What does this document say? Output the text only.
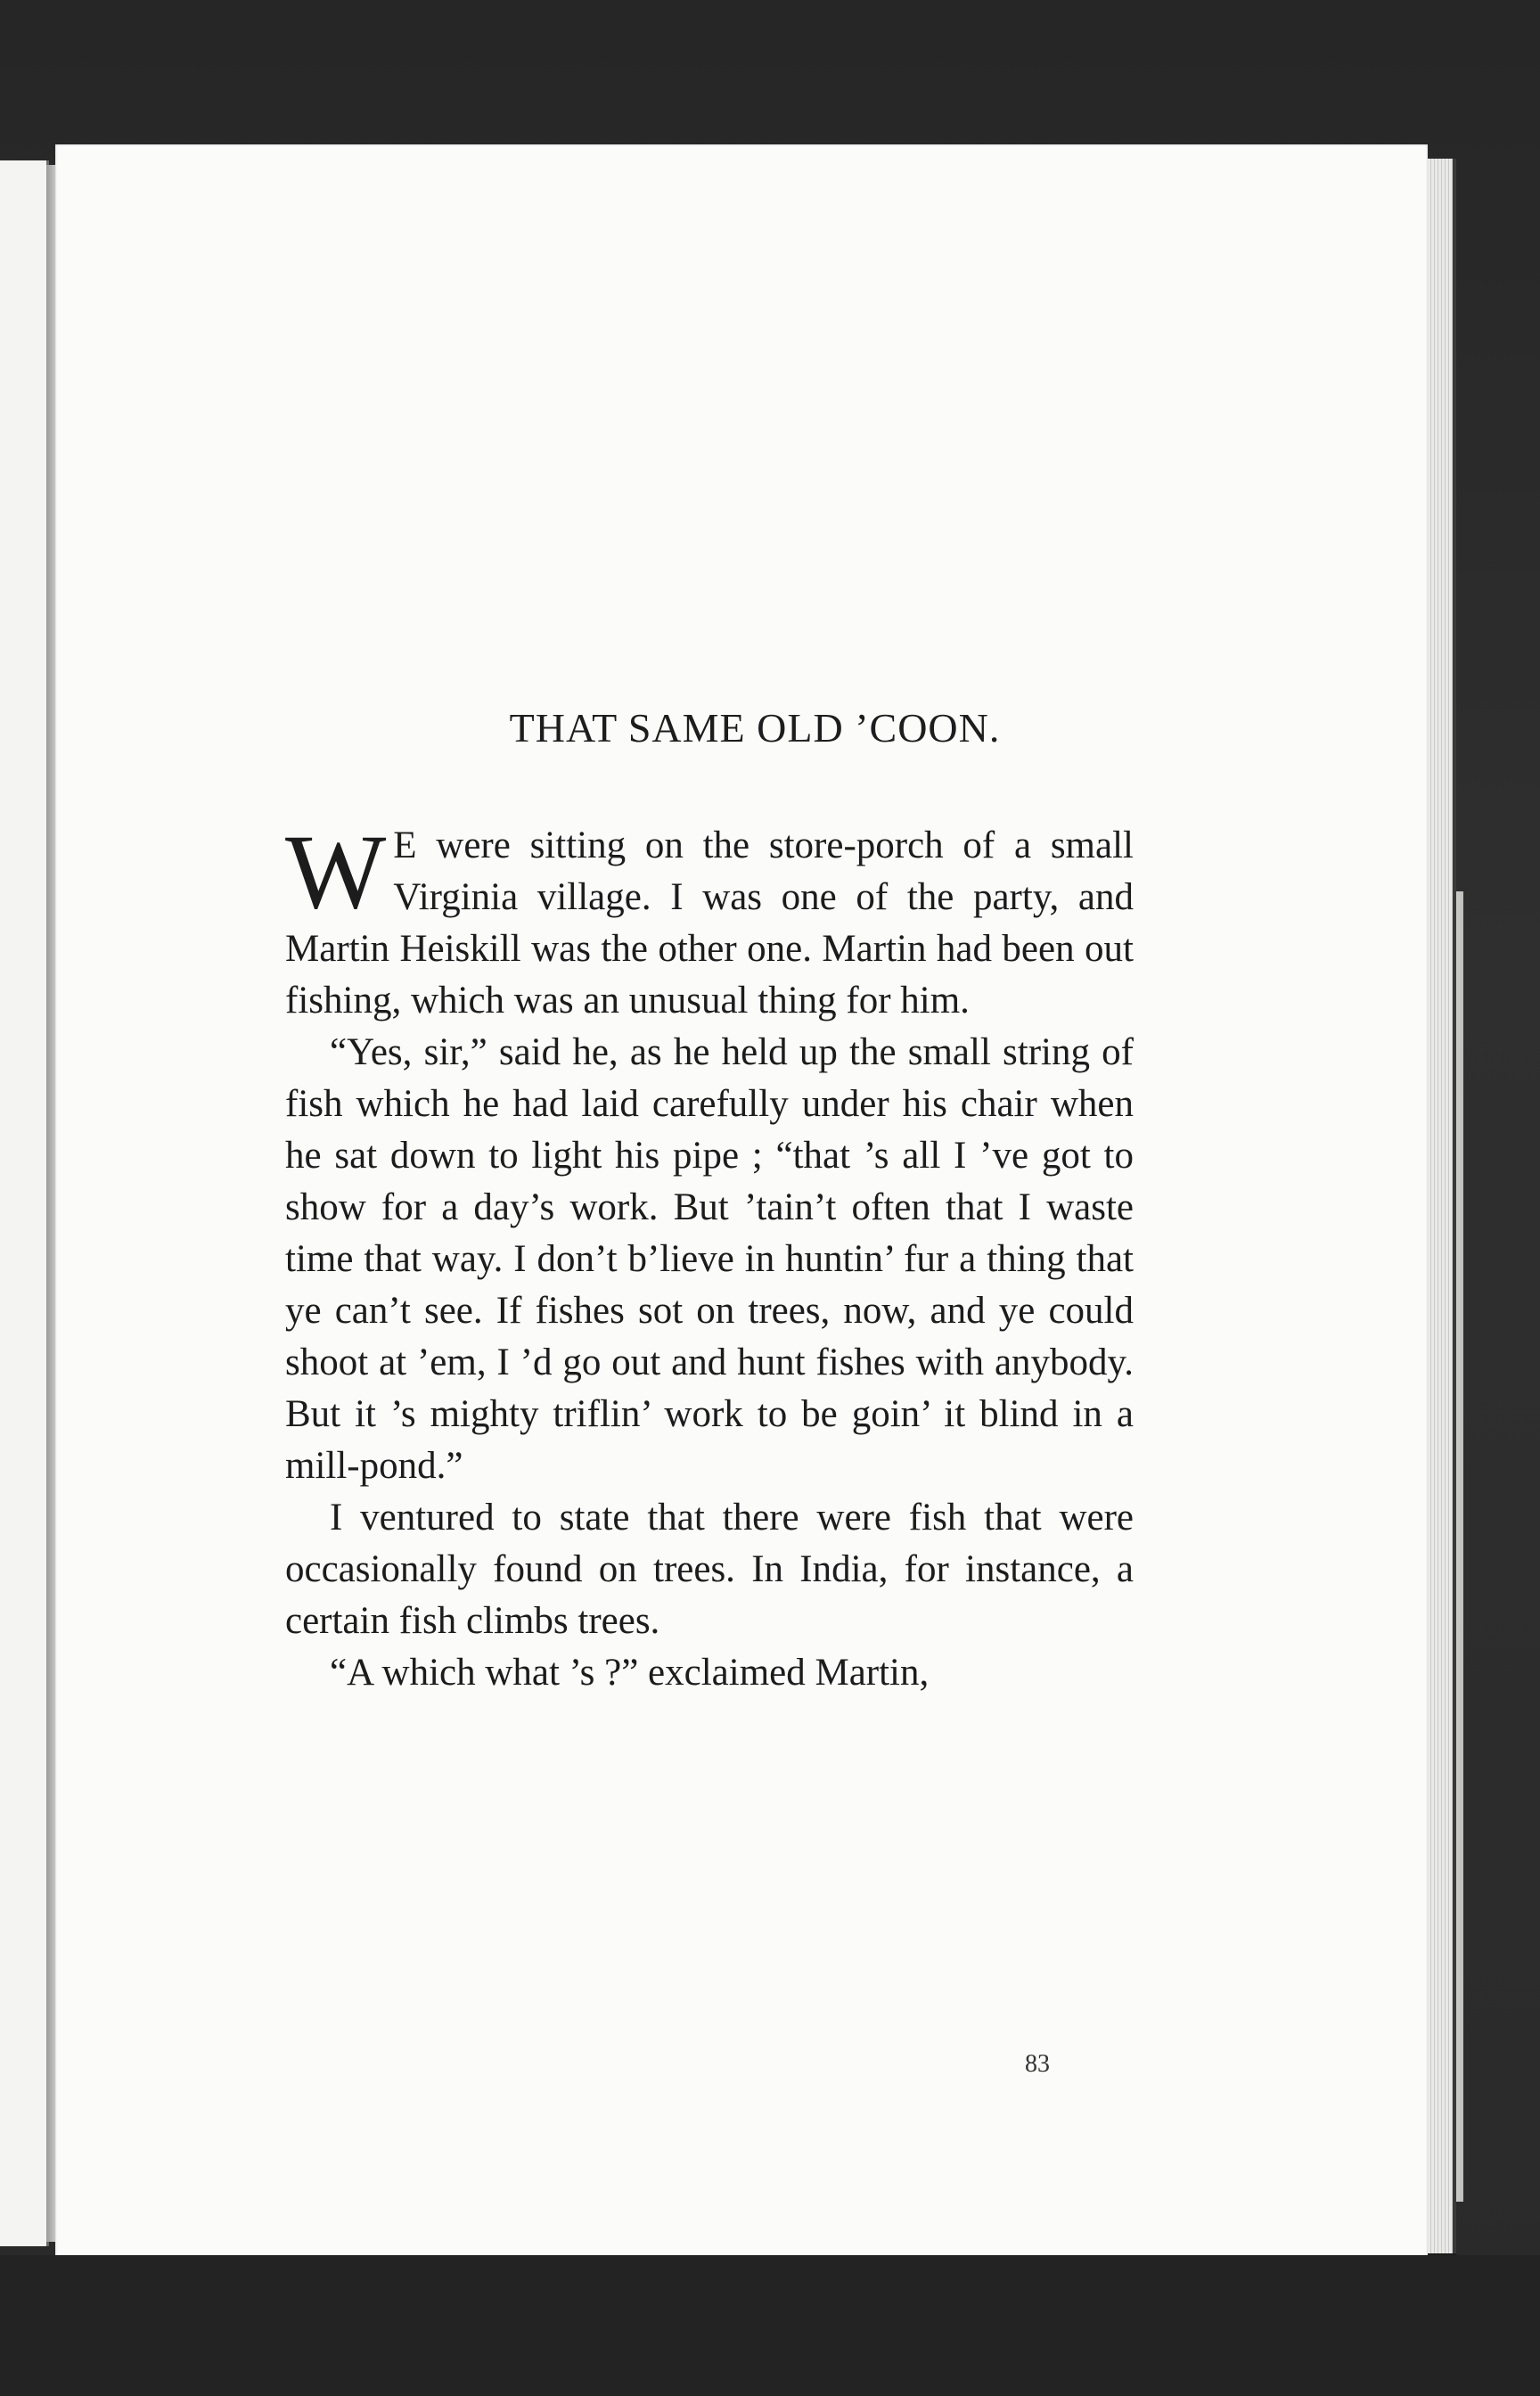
THAT SAME OLD ’COON.

W E were sitting on the store-porch of a small Virginia village. I was one of the party, and Martin Heiskill was the other one. Martin had been out fishing, which was an unusual thing for him.

“Yes, sir,” said he, as he held up the small string of fish which he had laid carefully under his chair when he sat down to light his pipe ; “that ’s all I ’ve got to show for a day’s work. But ’tain’t often that I waste time that way. I don’t b’lieve in huntin’ fur a thing that ye can’t see. If fishes sot on trees, now, and ye could shoot at ’em, I ’d go out and hunt fishes with anybody. But it ’s mighty triflin’ work to be goin’ it blind in a mill-pond.”

I ventured to state that there were fish that were occasionally found on trees. In India, for instance, a certain fish climbs trees.

“A which what ’s ?” exclaimed Martin,

83
